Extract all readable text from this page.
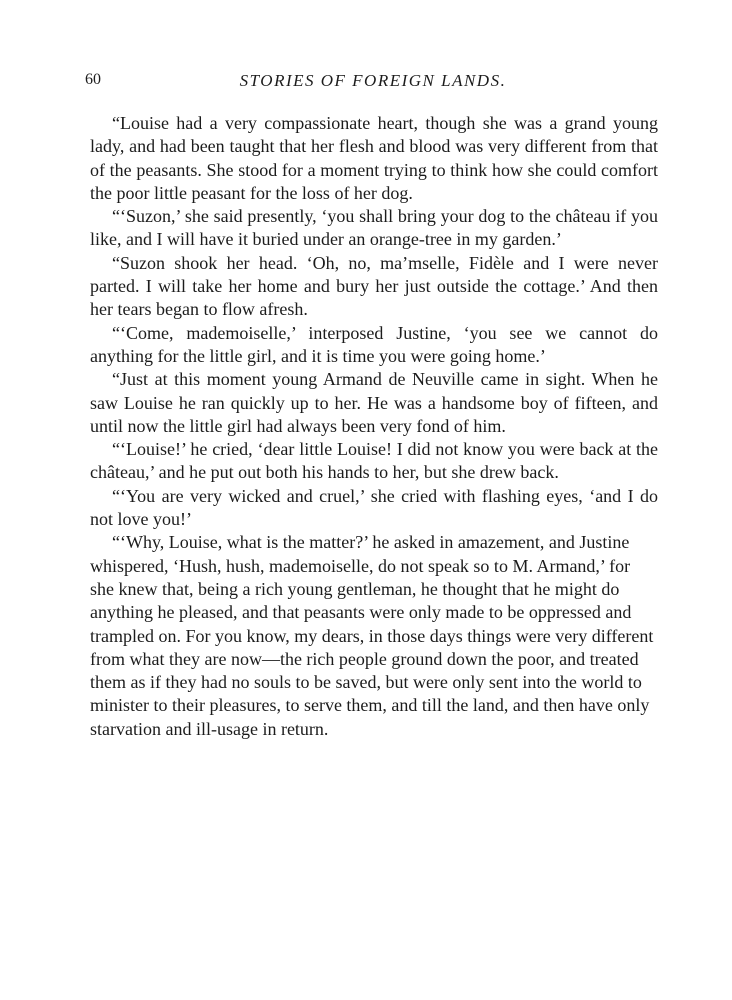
60	STORIES OF FOREIGN LANDS.

“Louise had a very compassionate heart, though she was a grand young lady, and had been taught that her flesh and blood was very different from that of the peasants. She stood for a moment trying to think how she could comfort the poor little peasant for the loss of her dog.

“‘Suzon,’ she said presently, ‘you shall bring your dog to the château if you like, and I will have it buried under an orange-tree in my garden.’

“Suzon shook her head. ‘Oh, no, ma’mselle, Fidèle and I were never parted. I will take her home and bury her just outside the cottage.’ And then her tears began to flow afresh.

“‘Come, mademoiselle,’ interposed Justine, ‘you see we cannot do anything for the little girl, and it is time you were going home.’

“Just at this moment young Armand de Neuville came in sight. When he saw Louise he ran quickly up to her. He was a handsome boy of fifteen, and until now the little girl had always been very fond of him.

“‘Louise!’ he cried, ‘dear little Louise! I did not know you were back at the château,’ and he put out both his hands to her, but she drew back.

“‘You are very wicked and cruel,’ she cried with flashing eyes, ‘and I do not love you!’

“‘Why, Louise, what is the matter?’ he asked in amazement, and Justine whispered, ‘Hush, hush, mademoiselle, do not speak so to M. Armand,’ for she knew that, being a rich young gentleman, he thought that he might do anything he pleased, and that peasants were only made to be oppressed and trampled on. For you know, my dears, in those days things were very different from what they are now—the rich people ground down the poor, and treated them as if they had no souls to be saved, but were only sent into the world to minister to their pleasures, to serve them, and till the land, and then have only starvation and ill-usage in return.
